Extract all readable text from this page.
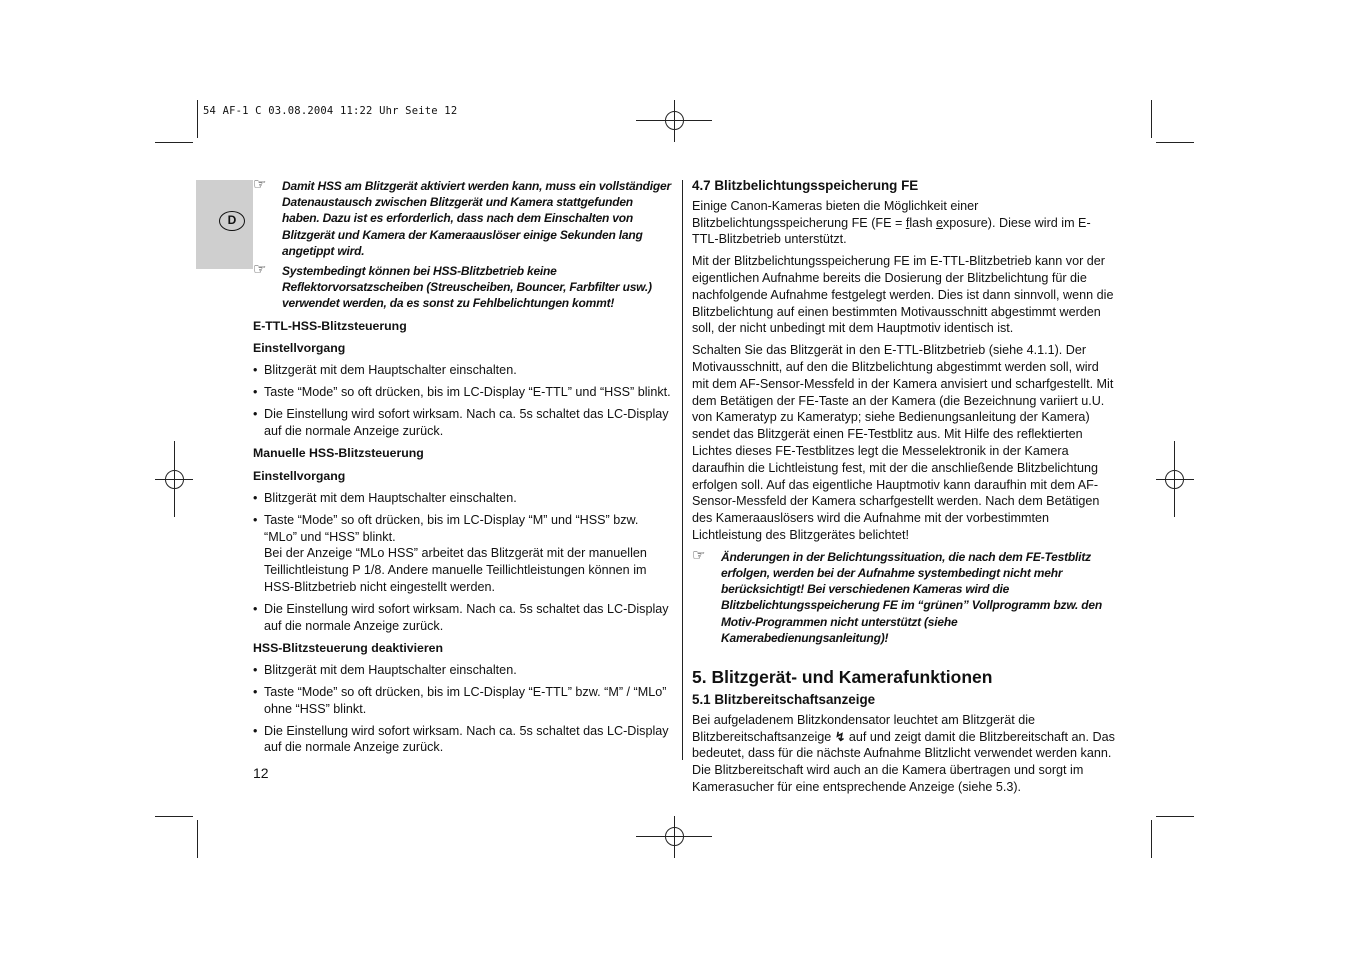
54 AF-1 C 03.08.2004 11:22 Uhr Seite 12
D
☞ Damit HSS am Blitzgerät aktiviert werden kann, muss ein vollständiger Datenaustausch zwischen Blitzgerät und Kamera stattgefunden haben. Dazu ist es erforderlich, dass nach dem Einschalten von Blitzgerät und Kamera der Kameraauslöser einige Sekunden lang angetippt wird.
☞ Systembedingt können bei HSS-Blitzbetrieb keine Reflektorvorsatzscheiben (Streuscheiben, Bouncer, Farbfilter usw.) verwendet werden, da es sonst zu Fehlbelichtungen kommt!
E-TTL-HSS-Blitzsteuerung
Einstellvorgang
• Blitzgerät mit dem Hauptschalter einschalten.
• Taste “Mode” so oft drücken, bis im LC-Display “E-TTL” und “HSS” blinkt.
• Die Einstellung wird sofort wirksam. Nach ca. 5s schaltet das LC-Display auf die normale Anzeige zurück.
Manuelle HSS-Blitzsteuerung
Einstellvorgang
• Blitzgerät mit dem Hauptschalter einschalten.
• Taste “Mode” so oft drücken, bis im LC-Display “M” und “HSS” bzw. “MLo” und “HSS” blinkt.
Bei der Anzeige “MLo HSS” arbeitet das Blitzgerät mit der manuellen Teillichtleistung P 1/8. Andere manuelle Teillichtleistungen können im HSS-Blitzbetrieb nicht eingestellt werden.
• Die Einstellung wird sofort wirksam. Nach ca. 5s schaltet das LC-Display auf die normale Anzeige zurück.
HSS-Blitzsteuerung deaktivieren
• Blitzgerät mit dem Hauptschalter einschalten.
• Taste “Mode” so oft drücken, bis im LC-Display “E-TTL” bzw. “M” / “MLo” ohne “HSS” blinkt.
• Die Einstellung wird sofort wirksam. Nach ca. 5s schaltet das LC-Display auf die normale Anzeige zurück.
12
4.7 Blitzbelichtungsspeicherung FE
Einige Canon-Kameras bieten die Möglichkeit einer Blitzbelichtungsspeicherung FE (FE = flash exposure). Diese wird im E-TTL-Blitzbetrieb unterstützt.
Mit der Blitzbelichtungsspeicherung FE im E-TTL-Blitzbetrieb kann vor der eigentlichen Aufnahme bereits die Dosierung der Blitzbelichtung für die nachfolgende Aufnahme festgelegt werden. Dies ist dann sinnvoll, wenn die Blitzbelichtung auf einen bestimmten Motivausschnitt abgestimmt werden soll, der nicht unbedingt mit dem Hauptmotiv identisch ist.
Schalten Sie das Blitzgerät in den E-TTL-Blitzbetrieb (siehe 4.1.1). Der Motivausschnitt, auf den die Blitzbelichtung abgestimmt werden soll, wird mit dem AF-Sensor-Messfeld in der Kamera anvisiert und scharfgestellt. Mit dem Betätigen der FE-Taste an der Kamera (die Bezeichnung variiert u.U. von Kameratyp zu Kameratyp; siehe Bedienungsanleitung der Kamera) sendet das Blitzgerät einen FE-Testblitz aus. Mit Hilfe des reflektierten Lichtes dieses FE-Testblitzes legt die Messelektronik in der Kamera daraufhin die Lichtleistung fest, mit der die anschließende Blitzbelichtung erfolgen soll. Auf das eigentliche Hauptmotiv kann daraufhin mit dem AF-Sensor-Messfeld der Kamera scharfgestellt werden. Nach dem Betätigen des Kameraauslösers wird die Aufnahme mit der vorbestimmten Lichtleistung des Blitzgerätes belichtet!
☞ Änderungen in der Belichtungssituation, die nach dem FE-Testblitz erfolgen, werden bei der Aufnahme systembedingt nicht mehr berücksichtigt! Bei verschiedenen Kameras wird die Blitzbelichtungsspeicherung FE im “grünen” Vollprogramm bzw. den Motiv-Programmen nicht unterstützt (siehe Kamerabedienungsanleitung)!
5. Blitzgerät- und Kamerafunktionen
5.1 Blitzbereitschaftsanzeige
Bei aufgeladenem Blitzkondensator leuchtet am Blitzgerät die Blitzbereitschaftsanzeige ↯ auf und zeigt damit die Blitzbereitschaft an. Das bedeutet, dass für die nächste Aufnahme Blitzlicht verwendet werden kann. Die Blitzbereitschaft wird auch an die Kamera übertragen und sorgt im Kamerasucher für eine entsprechende Anzeige (siehe 5.3).
